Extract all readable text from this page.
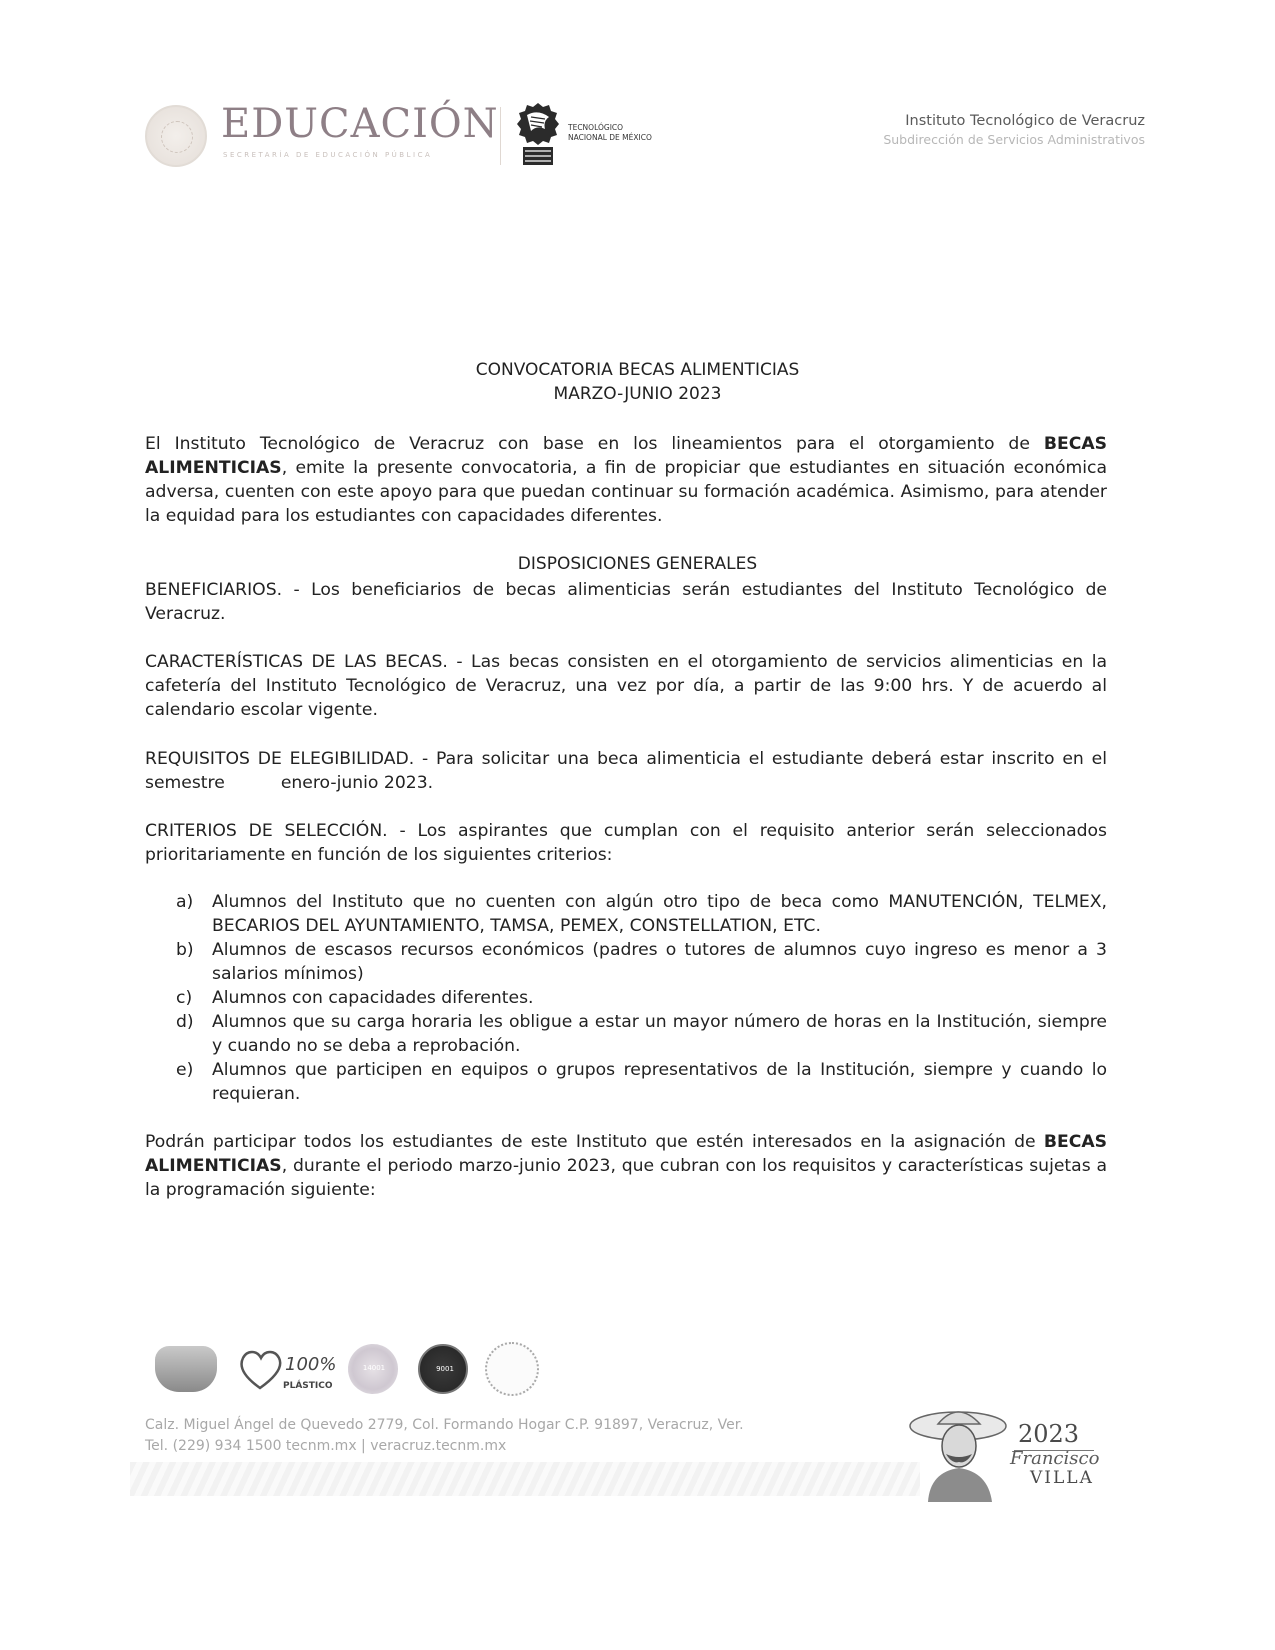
EDUCACIÓN
SECRETARÍA DE EDUCACIÓN PÚBLICA
TECNOLÓGICO
NACIONAL DE MÉXICO
Instituto Tecnológico de Veracruz
Subdirección de Servicios Administrativos
CONVOCATORIA BECAS ALIMENTICIAS
MARZO-JUNIO 2023
El Instituto Tecnológico de Veracruz con base en los lineamientos para el otorgamiento de BECAS ALIMENTICIAS, emite la presente convocatoria, a fin de propiciar que estudiantes en situación económica adversa, cuenten con este apoyo para que puedan continuar su formación académica. Asimismo, para atender la equidad para los estudiantes con capacidades diferentes.
DISPOSICIONES GENERALES
BENEFICIARIOS. - Los beneficiarios de becas alimenticias serán estudiantes del Instituto Tecnológico de Veracruz.
CARACTERÍSTICAS DE LAS BECAS. - Las becas consisten en el otorgamiento de servicios alimenticias en la cafetería del Instituto Tecnológico de Veracruz, una vez por día, a partir de las 9:00 hrs. Y de acuerdo al calendario escolar vigente.
REQUISITOS DE ELEGIBILIDAD. - Para solicitar una beca alimenticia el estudiante deberá estar inscrito en el semestre	enero-junio 2023.
CRITERIOS DE SELECCIÓN. - Los aspirantes que cumplan con el requisito anterior serán seleccionados prioritariamente en función de los siguientes criterios:
a)	Alumnos del Instituto que no cuenten con algún otro tipo de beca como MANUTENCIÓN, TELMEX, BECARIOS DEL AYUNTAMIENTO, TAMSA, PEMEX, CONSTELLATION, ETC.
b)	Alumnos de escasos recursos económicos (padres o tutores de alumnos cuyo ingreso es menor a 3 salarios mínimos)
c)	Alumnos con capacidades diferentes.
d)	Alumnos que su carga horaria les obligue a estar un mayor número de horas en la Institución, siempre y cuando no se deba a reprobación.
e)	Alumnos que participen en equipos o grupos representativos de la Institución, siempre y cuando lo requieran.
Podrán participar todos los estudiantes de este Instituto que estén interesados en la asignación de BECAS ALIMENTICIAS, durante el periodo marzo-junio 2023, que cubran con los requisitos y características sujetas a la programación siguiente:
100%
PLÁSTICO
14001	9001
Calz. Miguel Ángel de Quevedo 2779, Col. Formando Hogar C.P. 91897, Veracruz, Ver.
Tel. (229) 934 1500 tecnm.mx | veracruz.tecnm.mx	2023
Francisco
VILLA
